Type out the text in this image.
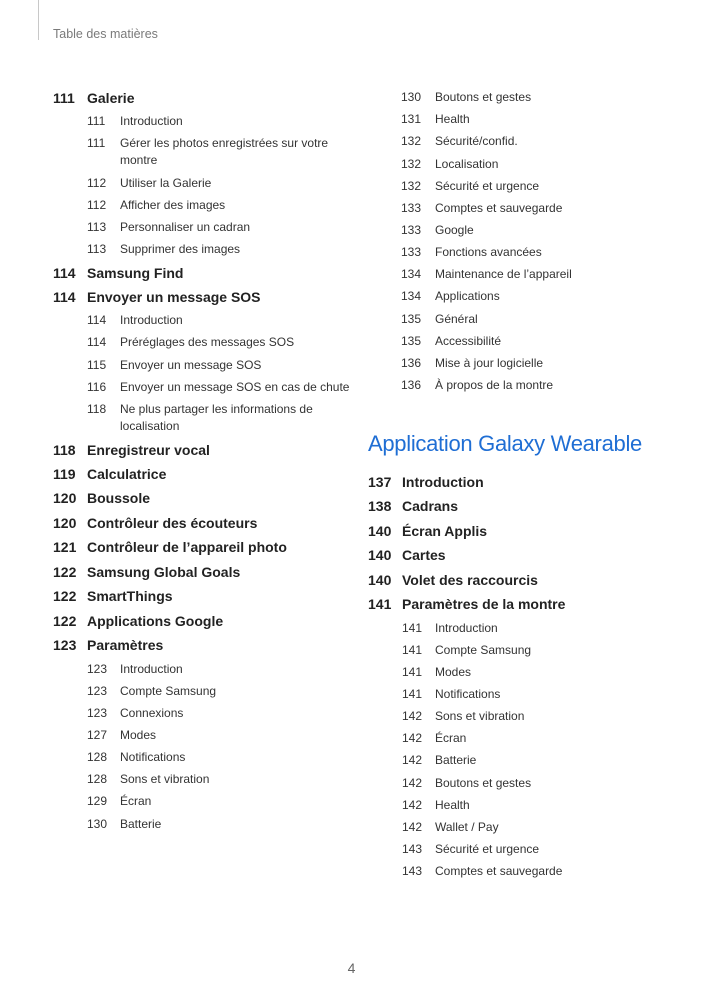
Table des matières
111 Galerie
111 Introduction
111 Gérer les photos enregistrées sur votre montre
112 Utiliser la Galerie
112 Afficher des images
113 Personnaliser un cadran
113 Supprimer des images
114 Samsung Find
114 Envoyer un message SOS
114 Introduction
114 Préréglages des messages SOS
115 Envoyer un message SOS
116 Envoyer un message SOS en cas de chute
118 Ne plus partager les informations de localisation
118 Enregistreur vocal
119 Calculatrice
120 Boussole
120 Contrôleur des écouteurs
121 Contrôleur de l’appareil photo
122 Samsung Global Goals
122 SmartThings
122 Applications Google
123 Paramètres
123 Introduction
123 Compte Samsung
123 Connexions
127 Modes
128 Notifications
128 Sons et vibration
129 Écran
130 Batterie
130 Boutons et gestes
131 Health
132 Sécurité/confid.
132 Localisation
132 Sécurité et urgence
133 Comptes et sauvegarde
133 Google
133 Fonctions avancées
134 Maintenance de l’appareil
134 Applications
135 Général
135 Accessibilité
136 Mise à jour logicielle
136 À propos de la montre
Application Galaxy Wearable
137 Introduction
138 Cadrans
140 Écran Applis
140 Cartes
140 Volet des raccourcis
141 Paramètres de la montre
141 Introduction
141 Compte Samsung
141 Modes
141 Notifications
142 Sons et vibration
142 Écran
142 Batterie
142 Boutons et gestes
142 Health
142 Wallet / Pay
143 Sécurité et urgence
143 Comptes et sauvegarde
4
